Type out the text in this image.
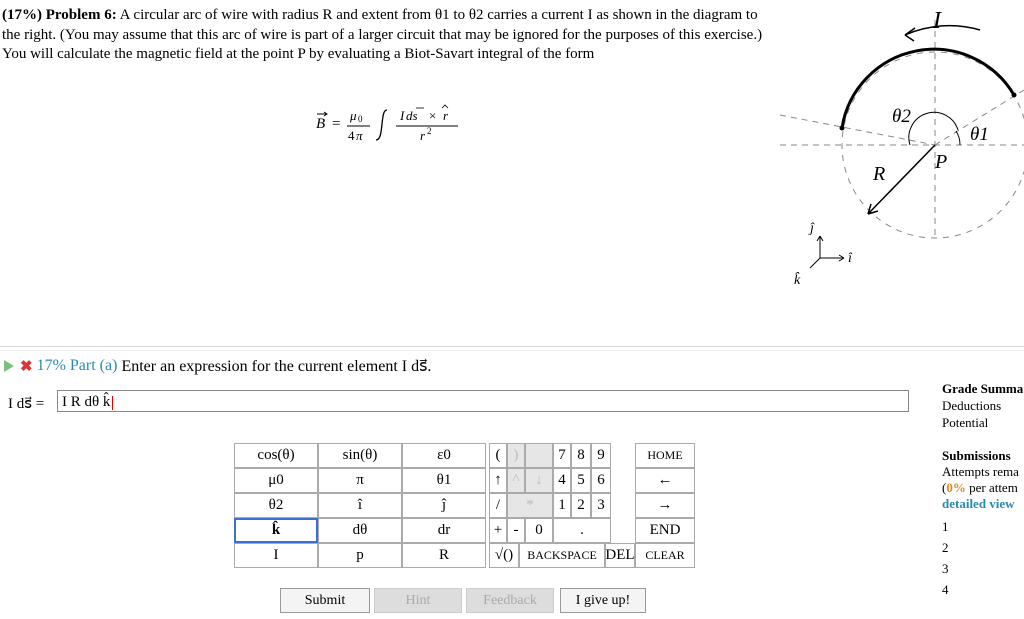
(17%) Problem 6: A circular arc of wire with radius R and extent from θ1 to θ2 carries a current I as shown in the diagram to the right. (You may assume that this arc of wire is part of a larger circuit that may be ignored for the purposes of this exercise.) You will calculate the magnetic field at the point P by evaluating a Biot-Savart integral of the form
B =
μ 0
4 π
I ds × r
r 2
I
θ2
θ1
R
P
ĵ
î
k̂
✖ 17% Part (a) Enter an expression for the current element I ds⃗.
I ds⃗ =	I R dθ k̂
cos(θ)	sin(θ)	ε0
μ0	π	θ1
θ2	î	ĵ
k̂	dθ	dr
I	p	R
( )	7 8 9	HOME
↑ ^	↓	4 5 6	←
/	*	1 2 3	→
+ -	0	.	END
√()	BACKSPACE DEL CLEAR
Submit	Hint	Feedback	I give up!
Grade Summa
Deductions
Potential
Submissions
Attempts rema
(0% per attem
detailed view
1
2
3
4
